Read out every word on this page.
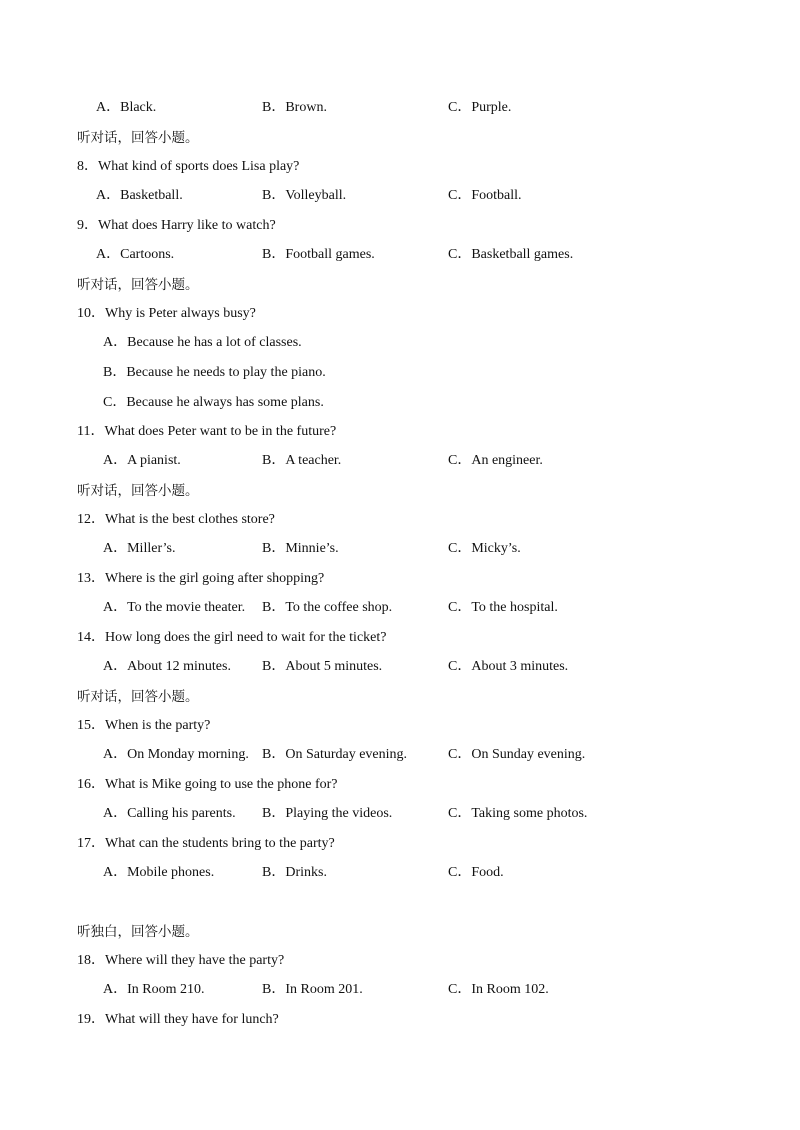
A．Black.	B．Brown.	C．Purple.
听对话，回答小题。
8．What kind of sports does Lisa play?
A．Basketball.	B．Volleyball.	C．Football.
9．What does Harry like to watch?
A．Cartoons.	B．Football games.	C．Basketball games.
听对话，回答小题。
10．Why is Peter always busy?
A．Because he has a lot of classes.
B．Because he needs to play the piano.
C．Because he always has some plans.
11．What does Peter want to be in the future?
A．A pianist.	B．A teacher.	C．An engineer.
听对话，回答小题。
12．What is the best clothes store?
A．Miller’s.	B．Minnie’s.	C．Micky’s.
13．Where is the girl going after shopping?
A．To the movie theater. B．To the coffee shop.	C．To the hospital.
14．How long does the girl need to wait for the ticket?
A．About 12 minutes. B．About 5 minutes.	C．About 3 minutes.
听对话，回答小题。
15．When is the party?
A．On Monday morning. B．On Saturday evening.	C．On Sunday evening.
16．What is Mike going to use the phone for?
A．Calling his parents. B．Playing the videos.	C．Taking some photos.
17．What can the students bring to the party?
A．Mobile phones.	B．Drinks.	C．Food.
听独白，回答小题。
18．Where will they have the party?
A．In Room 210.	B．In Room 201.	C．In Room 102.
19．What will they have for lunch?
